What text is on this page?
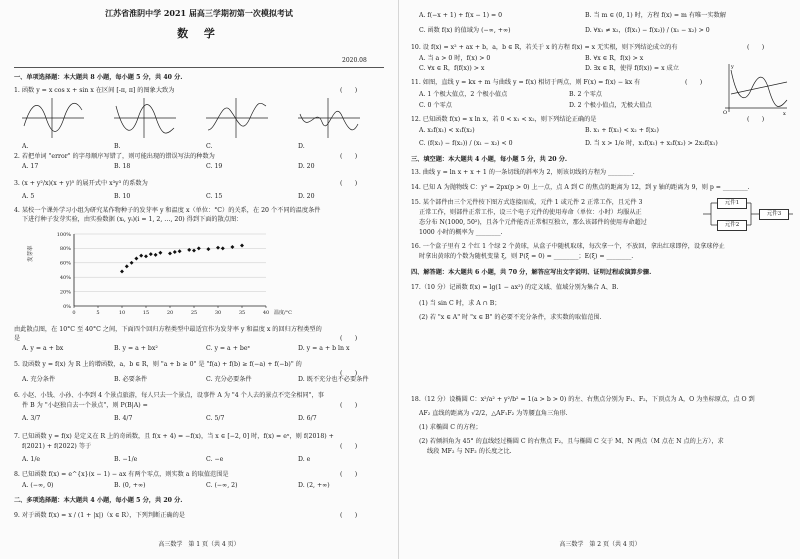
江苏省淮阴中学 2021 届高三学期初第一次模拟考试
数 学
2020.08
一、单项选择题：本大题共 8 小题，每小题 5 分，共 40 分.
1. 函数 y = x cos x + sin x 在区间 [-π, π] 的图象大致为	(　　)
A.	B.	C.	D.
2. 若把单词 "error" 的字母顺序写错了，则可能出现的错误写法的种数为	(　　)
A. 17	B. 18	C. 19	D. 20
3. (x + y²/x)(x + y)⁵ 的展开式中 x³y³ 的系数为	(　　)
A. 5	B. 10	C. 15	D. 20
4. 某校一个课外学习小组为研究某作物种子的发芽率 y 和温度 x（单位：°C）的关系，在 20 个不同的温度条件
下进行种子发芽实验，由实验数据 (xᵢ, yᵢ)(i = 1, 2, …, 20) 得到下面的散点图：
0%
20%
40%
60%
80%
100%
0	5	10	15	20	25	30	35	40 温度/°C
发芽率
由此散点图，在 10°C 至 40°C 之间，下面四个回归方程类型中最适宜作为发芽率 y 和温度 x 的回归方程类型的
是	(　　)
A. y = a + bx	B. y = a + bx²	C. y = a + beˣ	D. y = a + b ln x
5. 设函数 y = f(x) 为 R 上的增函数，a，b ∈ R，则 "a + b ≥ 0" 是 "f(a) + f(b) ≥ f(−a) + f(−b)" 的
(　　)
A. 充分条件	B. 必要条件	C. 充分必要条件	D. 既不充分也不必要条件
6. 小赵、小钱、小孙、小李到 4 个景点旅游，每人只去一个景点，设事件 A 为 "4 个人去的景点不完全相同"，事
件 B 为 "小赵独自去一个景点"，则 P(B|A) =	(　　)
A. 3/7	B. 4/7	C. 5/7	D. 6/7
7. 已知函数 y = f(x) 是定义在 R 上的奇函数，且 f(x + 4) = −f(x)，当 x ∈ [−2, 0] 时，f(x) = eˣ，则 f(2018) +
f(2021) + f(2022) 等于	(　　)
A. 1/e	B. −1/e	C. −e	D. e
8. 已知函数 f(x) = e^{x}(x − 1) − ax 有两个零点，则实数 a 的取值范围是	(　　)
A. (−∞, 0)	B. (0, +∞)	C. (−∞, 2)	D. (2, +∞)
二、多项选择题：本大题共 4 小题，每小题 5 分，共 20 分.
9. 对于函数 f(x) = x / (1 + |x|)（x ∈ R），下列判断正确的是	(　　)
高三数学　第 1 页（共 4 页）
A. f(−x + 1) + f(x − 1) = 0	B. 当 m ∈ (0, 1) 时，方程 f(x) = m 有唯一实数解
C. 函数 f(x) 的值域为 (−∞, +∞)	D. ∀x₁ ≠ x₂，(f(x₁) − f(x₂)) / (x₁ − x₂) > 0
10. 设 f(x) = x² + ax + b，a，b ∈ R，若关于 x 的方程 f(x) = x 无实根，则下列结论成立的有	(　　)
A. 当 a > 0 时，f(x) > 0	B. ∀x ∈ R，f(x) > x
C. ∀x ∈ R，f(f(x)) > x	D. ∃x ∈ R，使得 f(f(x)) = x 成立
11. 如图，直线 y = kx + m 与曲线 y = f(x) 相切于两点，则 F(x) = f(x) − kx 有	(　　)
A. 1 个极大值点，2 个极小值点	B. 2 个零点
C. 0 个零点	D. 2 个极小值点，无极大值点
y
x
O
12. 已知函数 f(x) = x ln x，若 0 < x₁ < x₂，则下列结论正确的是	(　　)
A. x₂f(x₁) < x₁f(x₂)	B. x₁ + f(x₁) < x₂ + f(x₂)
C. (f(x₁) − f(x₂)) / (x₁ − x₂) < 0	D. 当 x > 1/e 时，x₁f(x₁) + x₂f(x₂) > 2x₂f(x₁)
三、填空题：本大题共 4 小题，每小题 5 分，共 20 分.
13. 曲线 y = ln x + x + 1 的一条切线的斜率为 2，则该切线的方程为 ________.
14. 已知 A 为抛物线 C：y² = 2px(p > 0) 上一点，点 A 到 C 的焦点的距离为 12，到 y 轴的距离为 9，则 p = ________.
15. 某个部件由三个元件按下图方式连接而成，元件 1 或元件 2 正常工作，且元件 3
正常工作，则部件正常工作，设三个电子元件的使用寿命（单位：小时）均服从正
态分布 N(1000, 50²)，且各个元件能否正常相互独立，那么该部件的使用寿命超过
1000 小时的概率为 ________.
元件1
元件2
元件3
16. 一个盒子里有 2 个红 1 个绿 2 个黄球，从盒子中随机取球，每次拿一个，不放回，拿出红球即停，设拿球停止
时拿出黄球的个数为随机变量 ξ，则 P(ξ = 0) = ________；E(ξ) = ________.
四、解答题：本大题共 6 小题，共 70 分，解答应写出文字说明、证明过程或演算步骤.
17.（10 分）记函数 f(x) = lg(1 − ax²) 的定义域、值域分别为集合 A、B.
(1) 当 sin C 时，求 A ∩ B；
(2) 若 "x ∈ A" 时 "x ∈ B" 的必要不充分条件，求实数的取值范围.
18.（12 分）设椭圆 C：x²/a² + y²/b² = 1(a > b > 0) 的左、右焦点分别为 F₁、F₂，下顶点为 A，O 为坐标原点，点 O 到
AF₂ 直线的距离为 √2/2，△AF₁F₂ 为等腰直角三角形.
(1) 求椭圆 C 的方程；
(2) 若倾斜角为 45° 的直线经过椭圆 C 的右焦点 F₂，且与椭圆 C 交于 M、N 两点（M 点在 N 点的上方），求
线段 MF₂ 与 NF₂ 的长度之比.
高三数学　第 2 页（共 4 页）
